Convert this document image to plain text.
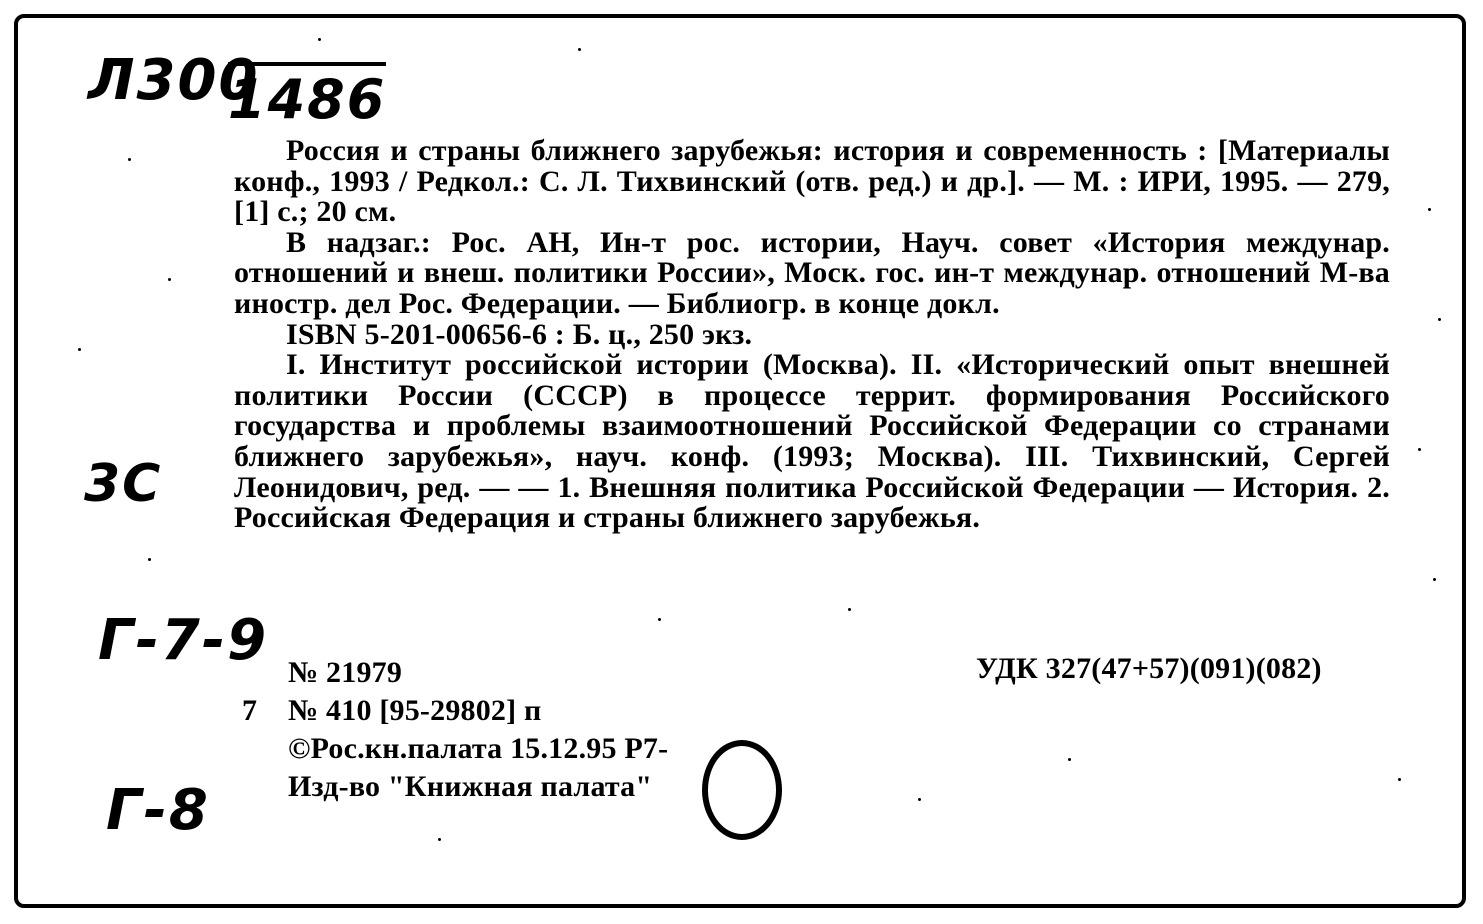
Л300
1486
3С
Г-7-9
Г-8

Россия и страны ближнего зарубежья: история и современность : [Материалы конф., 1993 / Редкол.: С. Л. Тихвинский (отв. ред.) и др.]. — М. : ИРИ, 1995. — 279,[1] с.; 20 см.

В надзаг.: Рос. АН, Ин-т рос. истории, Науч. совет «История междунар. отношений и внеш. политики России», Моск. гос. ин-т междунар. отношений М-ва иностр. дел Рос. Федерации. — Библиогр. в конце докл.

ISBN 5-201-00656-6 : Б. ц., 250 экз.

I. Институт российской истории (Москва). II. «Исторический опыт внешней политики России (СССР) в процессе террит. формирования Российского государства и проблемы взаимоотношений Российской Федерации со странами ближнего зарубежья», науч. конф. (1993; Москва). III. Тихвинский, Сергей Леонидович, ред. — — 1. Внешняя политика Российской Федерации — История. 2. Российская Федерация и страны ближнего зарубежья.

№ 21979	УДК 327(47+57)(091)(082)
7 № 410 [95-29802] п
©Рос.кн.палата 15.12.95 Р7-
Изд-во "Книжная палата"
